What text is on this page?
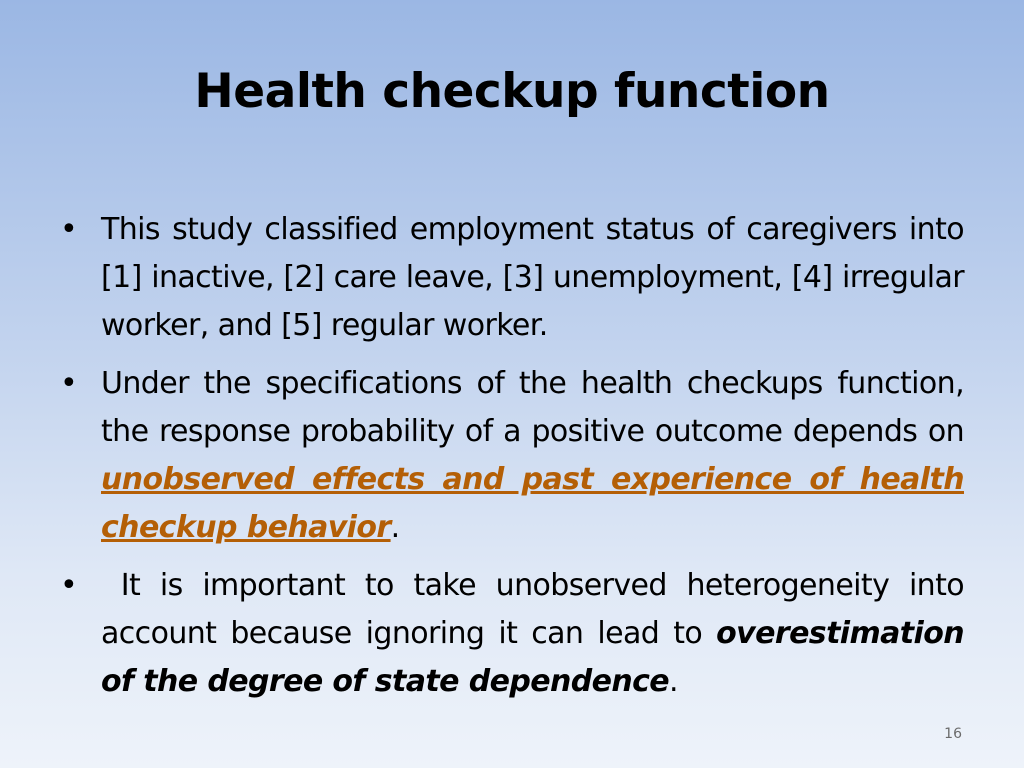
Health checkup function
• This study classified employment status of caregivers into [1] inactive, [2] care leave, [3] unemployment, [4] irregular worker, and [5] regular worker.
• Under the specifications of the health checkups function, the response probability of a positive outcome depends on unobserved effects and past experience of health checkup behavior.
• It is important to take unobserved heterogeneity into account because ignoring it can lead to overestimation of the degree of state dependence.
16
